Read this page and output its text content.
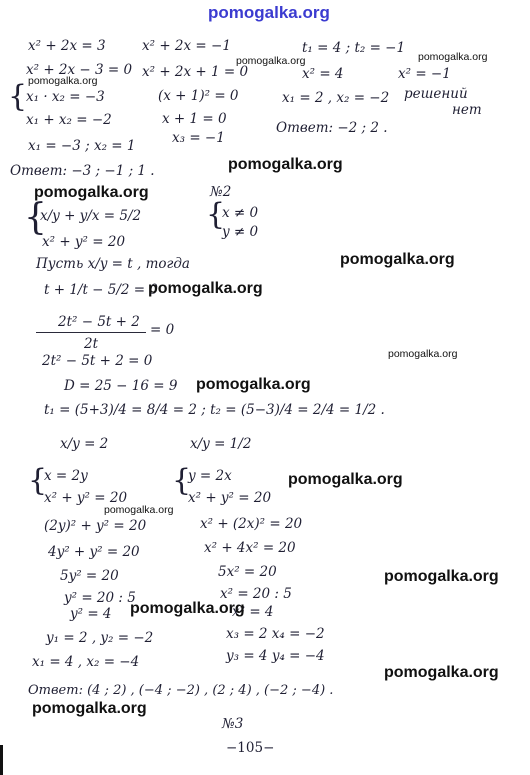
pomogalka.org
x² + 2x = 3
x² + 2x − 3 = 0
{
x₁ · x₂ = −3
x₁ + x₂ = −2
x₁ = −3 ; x₂ = 1
Ответ: −3 ; −1 ; 1 .
x² + 2x = −1
x² + 2x + 1 = 0
(x + 1)² = 0
x + 1 = 0
x₃ = −1
t₁ = 4 ; t₂ = −1
x² = 4	x² = −1
x₁ = 2 , x₂ = −2 решений
нет
Ответ: −2 ; 2 .
№2
{
x/y + y/x = 5/2
x² + y² = 20
{
x ≠ 0
y ≠ 0
Пусть x/y = t , тогда
t + 1/t − 5/2 = 0
2t² − 5t + 2 = 0
2t
2t² − 5t + 2 = 0
D = 25 − 16 = 9
t₁ = (5+3)/4 = 8/4 = 2 ; t₂ = (5−3)/4 = 2/4 = 1/2 .
x/y = 2	x/y = 1/2
{
x = 2y
x² + y² = 20
(2y)² + y² = 20
4y² + y² = 20
5y² = 20
y² = 20 : 5
y² = 4
y₁ = 2 , y₂ = −2
x₁ = 4 , x₂ = −4
{
y = 2x
x² + y² = 20
x² + (2x)² = 20
x² + 4x² = 20
5x² = 20
x² = 20 : 5
x² = 4
x₃ = 2 x₄ = −2
y₃ = 4 y₄ = −4
Ответ: (4 ; 2) , (−4 ; −2) , (2 ; 4) , (−2 ; −4) .
№3
−105−
pomogalka.org
pomogalka.org	pomogalka.org
pomogalka.org
pomogalka.org
pomogalka.org
pomogalka.org
pomogalka.org
pomogalka.org
pomogalka.org
pomogalka.org
pomogalka.org
pomogalka.org
pomogalka.org
pomogalka.org
